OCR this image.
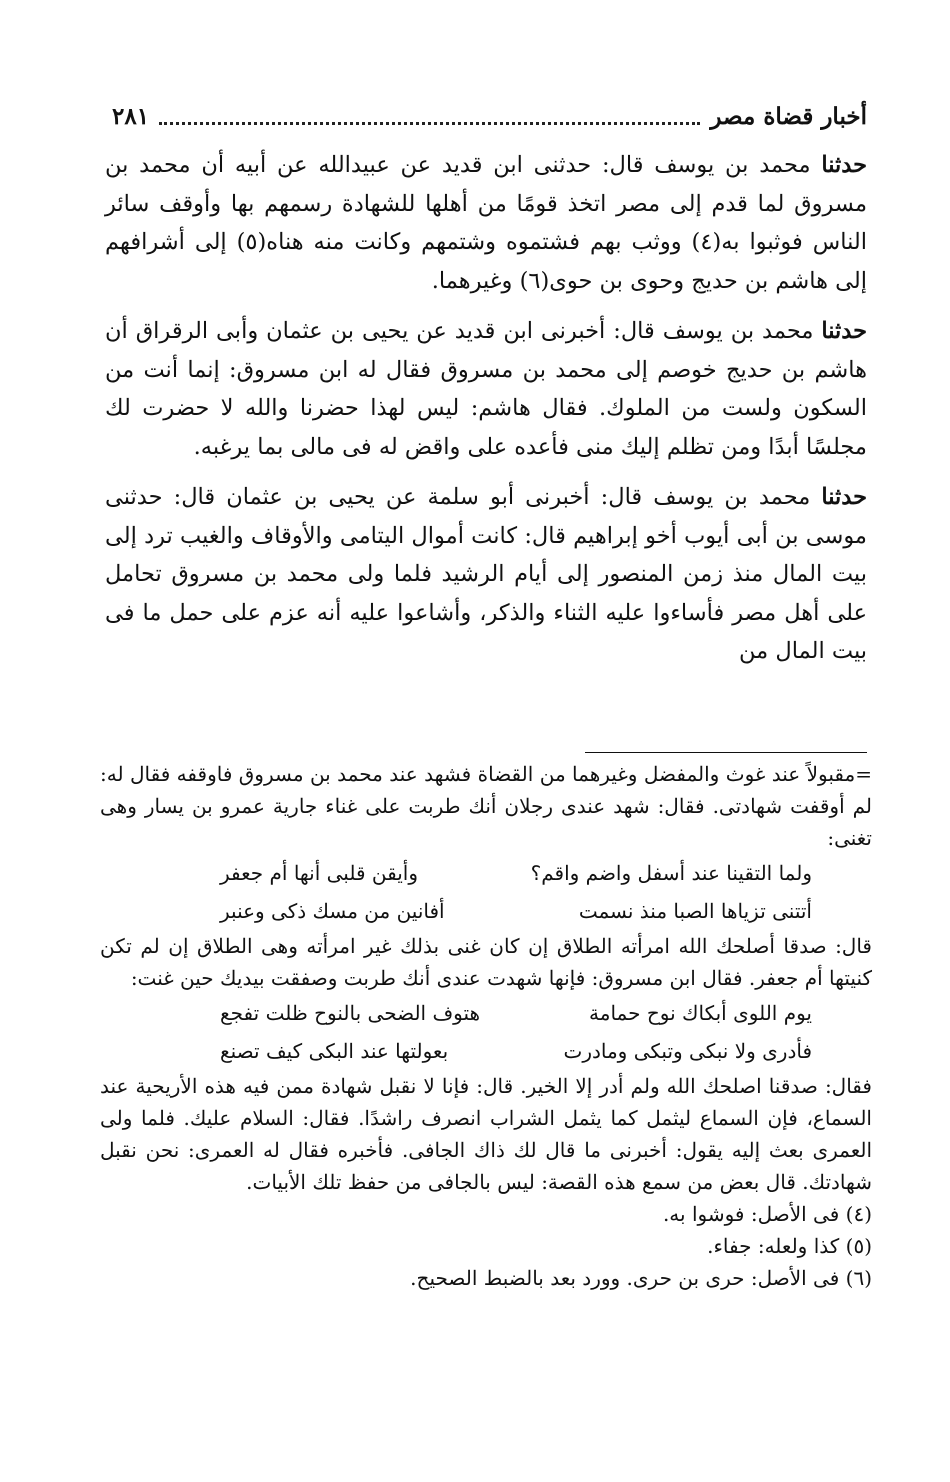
أخبار قضاة مصر
٢٨١

حدثنا محمد بن يوسف قال: حدثنى ابن قديد عن عبيدالله عن أبيه أن محمد بن مسروق لما قدم إلى مصر اتخذ قومًا من أهلها للشهادة رسمهم بها وأوقف سائر الناس فوثبوا به(٤) ووثب بهم فشتموه وشتمهم وكانت منه هناه(٥) إلى أشرافهم إلى هاشم بن حديج وحوى بن حوى(٦) وغيرهما.

حدثنا محمد بن يوسف قال: أخبرنى ابن قديد عن يحيى بن عثمان وأبى الرقراق أن هاشم بن حديج خوصم إلى محمد بن مسروق فقال له ابن مسروق: إنما أنت من السكون ولست من الملوك. فقال هاشم: ليس لهذا حضرنا والله لا حضرت لك مجلسًا أبدًا ومن تظلم إليك منى فأعده على واقض له فى مالى بما يرغبه.

حدثنا محمد بن يوسف قال: أخبرنى أبو سلمة عن يحيى بن عثمان قال: حدثنى موسى بن أبى أيوب أخو إبراهيم قال: كانت أموال اليتامى والأوقاف والغيب ترد إلى بيت المال منذ زمن المنصور إلى أيام الرشيد فلما ولى محمد بن مسروق تحامل على أهل مصر فأساءوا عليه الثناء والذكر، وأشاعوا عليه أنه عزم على حمل ما فى بيت المال من

=مقبولاً عند غوث والمفضل وغيرهما من القضاة فشهد عند محمد بن مسروق فاوقفه فقال له: لم أوقفت شهادتى. فقال: شهد عندى رجلان أنك طربت على غناء جارية عمرو بن يسار وهى تغنى:

ولما التقينا عند أسفل واضم واقم؟
وأيقن قلبى أنها أم جعفر
أتتنى تزياها الصبا منذ نسمت
أفانين من مسك ذكى وعنبر

قال: صدقا أصلحك الله امرأته الطلاق إن كان غنى بذلك غير امرأته وهى الطلاق إن لم تكن كنيتها أم جعفر. فقال ابن مسروق: فإنها شهدت عندى أنك طربت وصفقت بيديك حين غنت:

يوم اللوى أبكاك نوح حمامة
هتوف الضحى بالنوح ظلت تفجع
فأدرى ولا نبكى وتبكى ومادرت
بعولتها عند البكى كيف تصنع

فقال: صدقنا اصلحك الله ولم أدر إلا الخير. قال: فإنا لا نقبل شهادة ممن فيه هذه الأريحية عند السماع، فإن السماع ليثمل كما يثمل الشراب انصرف راشدًا. فقال: السلام عليك. فلما ولى العمرى بعث إليه يقول: أخبرنى ما قال لك ذاك الجافى. فأخبره فقال له العمرى: نحن نقبل شهادتك. قال بعض من سمع هذه القصة: ليس بالجافى من حفظ تلك الأبيات.

(٤) فى الأصل: فوشوا به.

(٥) كذا ولعله: جفاء.

(٦) فى الأصل: حرى بن حرى. وورد بعد بالضبط الصحيح.
